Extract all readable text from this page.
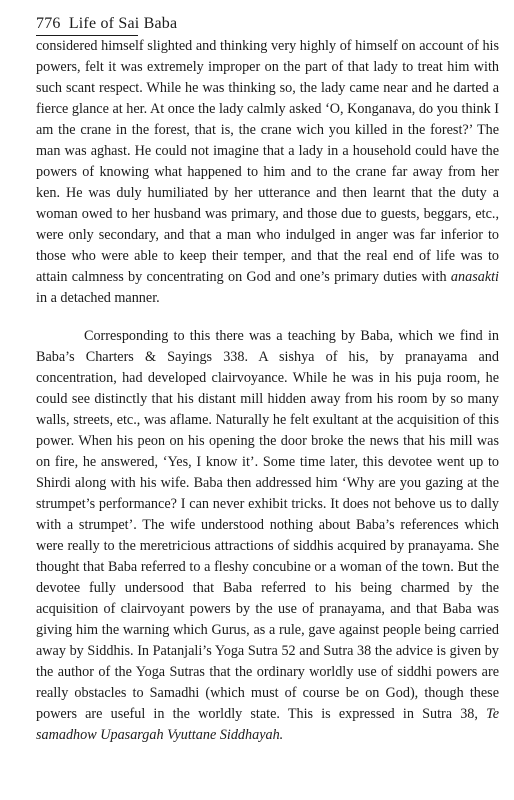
776 Life of Sai Baba

considered himself slighted and thinking very highly of himself on account of his powers, felt it was extremely improper on the part of that lady to treat him with such scant respect. While he was thinking so, the lady came near and he darted a fierce glance at her. At once the lady calmly asked ‘O, Konganava, do you think I am the crane in the forest, that is, the crane wich you killed in the forest?’ The man was aghast. He could not imagine that a lady in a household could have the powers of knowing what happened to him and to the crane far away from her ken. He was duly humiliated by her utterance and then learnt that the duty a woman owed to her husband was primary, and those due to guests, beggars, etc., were only secondary, and that a man who indulged in anger was far inferior to those who were able to keep their temper, and that the real end of life was to attain calmness by concentrating on God and one’s primary duties with anasakti in a detached manner.

Corresponding to this there was a teaching by Baba, which we find in Baba’s Charters & Sayings 338. A sishya of his, by pranayama and concentration, had developed clairvoyance. While he was in his puja room, he could see distinctly that his distant mill hidden away from his room by so many walls, streets, etc., was aflame. Naturally he felt exultant at the acquisition of this power. When his peon on his opening the door broke the news that his mill was on fire, he answered, ‘Yes, I know it’. Some time later, this devotee went up to Shirdi along with his wife. Baba then addressed him ‘Why are you gazing at the strumpet’s performance? I can never exhibit tricks. It does not behove us to dally with a strumpet’. The wife understood nothing about Baba’s references which were really to the meretricious attractions of siddhis acquired by pranayama. She thought that Baba referred to a fleshy concubine or a woman of the town. But the devotee fully undersood that Baba referred to his being charmed by the acquisition of clairvoyant powers by the use of pranayama, and that Baba was giving him the warning which Gurus, as a rule, gave against people being carried away by Siddhis. In Patanjali’s Yoga Sutra 52 and Sutra 38 the advice is given by the author of the Yoga Sutras that the ordinary worldly use of siddhi powers are really obstacles to Samadhi (which must of course be on God), though these powers are useful in the worldly state. This is expressed in Sutra 38, Te samadhow Upasargah Vyuttane Siddhayah.
